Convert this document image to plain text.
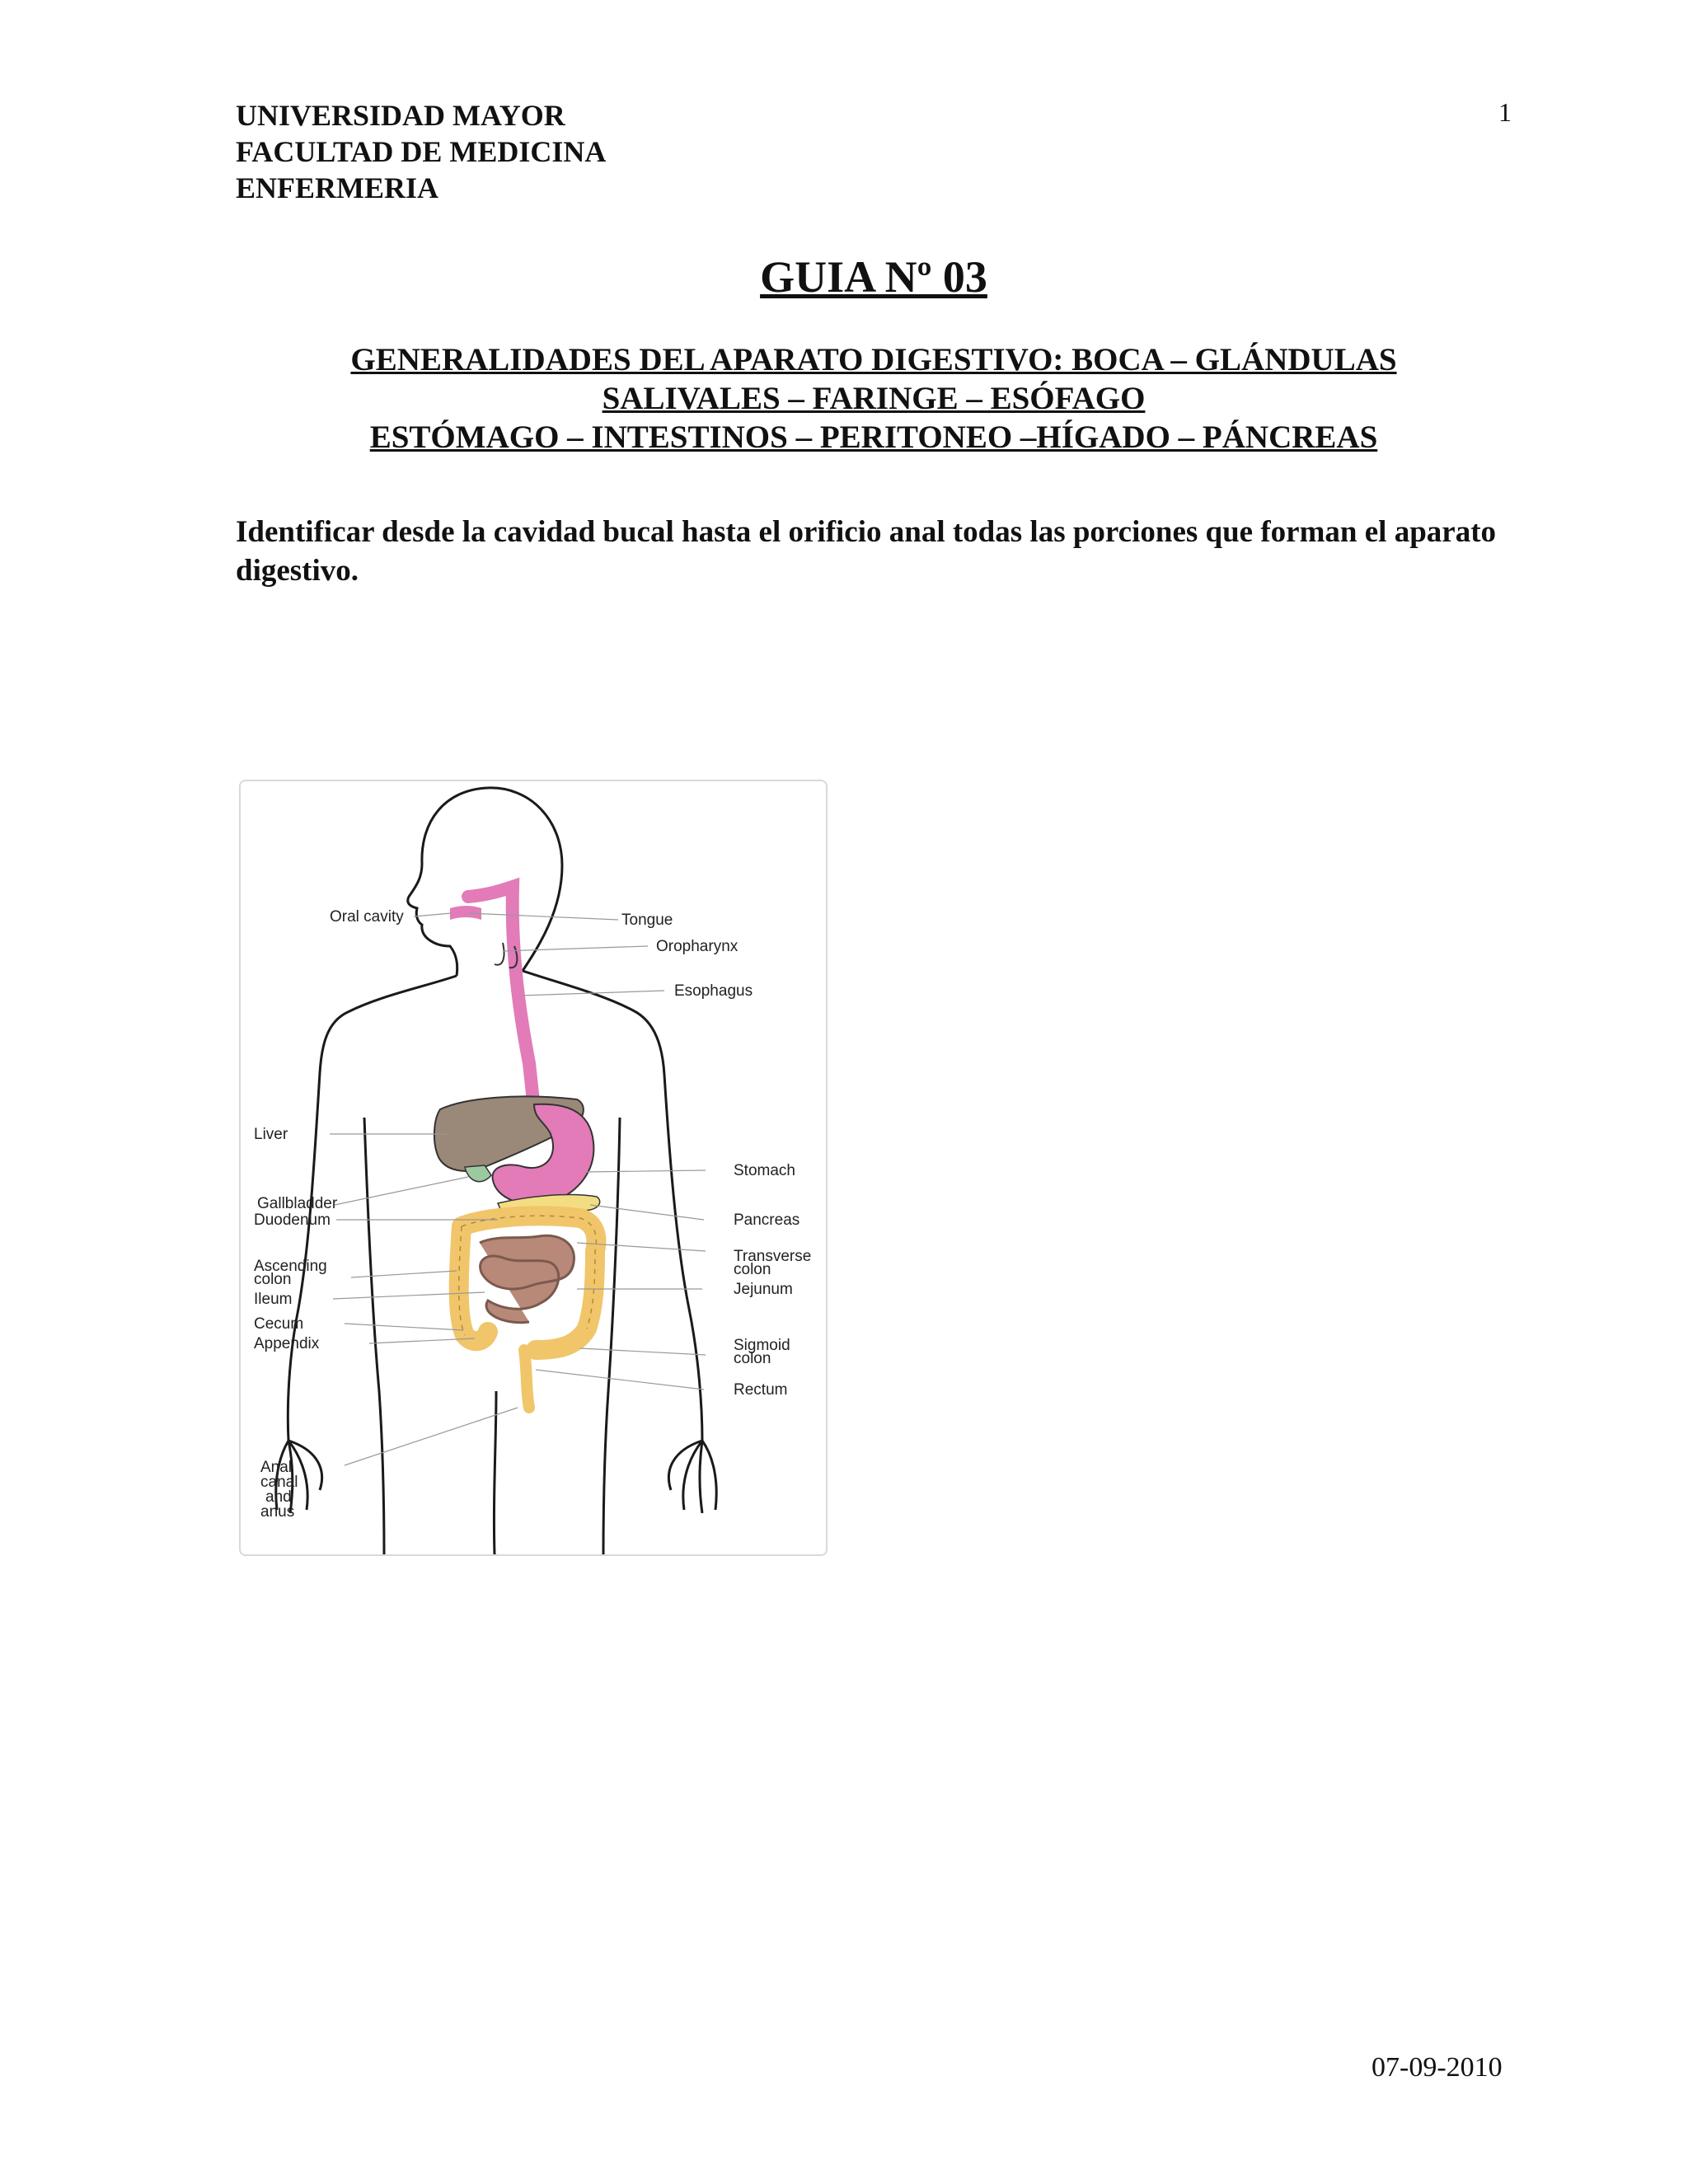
UNIVERSIDAD MAYOR
FACULTAD DE MEDICINA
ENFERMERIA
1
GUIA Nº 03
GENERALIDADES DEL APARATO DIGESTIVO: BOCA – GLÁNDULAS
SALIVALES – FARINGE – ESÓFAGO
ESTÓMAGO – INTESTINOS – PERITONEO –HÍGADO – PÁNCREAS
Identificar desde la cavidad bucal hasta el orificio anal todas las porciones que forman el aparato digestivo.
Oral cavity
Liver
Gallbladder
Duodenum
Ascending
colon
Ileum
Cecum
Appendix
Anal
canal
and
anus
Tongue
Oropharynx
Esophagus
Stomach
Pancreas
Transverse
colon
Jejunum
Sigmoid
colon
Rectum
07-09-2010
